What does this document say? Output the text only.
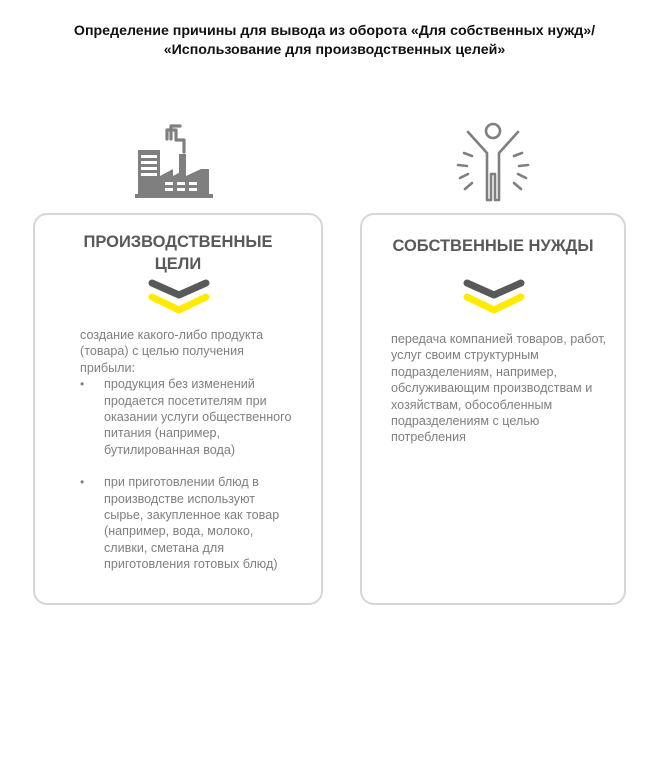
Определение причины для вывода из оборота «Для собственных нужд»/
«Использование для производственных целей»
ПРОИЗВОДСТВЕННЫЕ
ЦЕЛИ
создание какого-либо продукта (товара) с целью получения прибыли:
• продукция без изменений продается посетителям при оказании услуги общественного питания (например, бутилированная вода)
• при приготовлении блюд в производстве используют сырье, закупленное как товар (например, вода, молоко, сливки, сметана для приготовления готовых блюд)
СОБСТВЕННЫЕ НУЖДЫ
передача компанией товаров, работ, услуг своим структурным подразделениям, например, обслуживающим производствам и хозяйствам, обособленным подразделениям с целью потребления
